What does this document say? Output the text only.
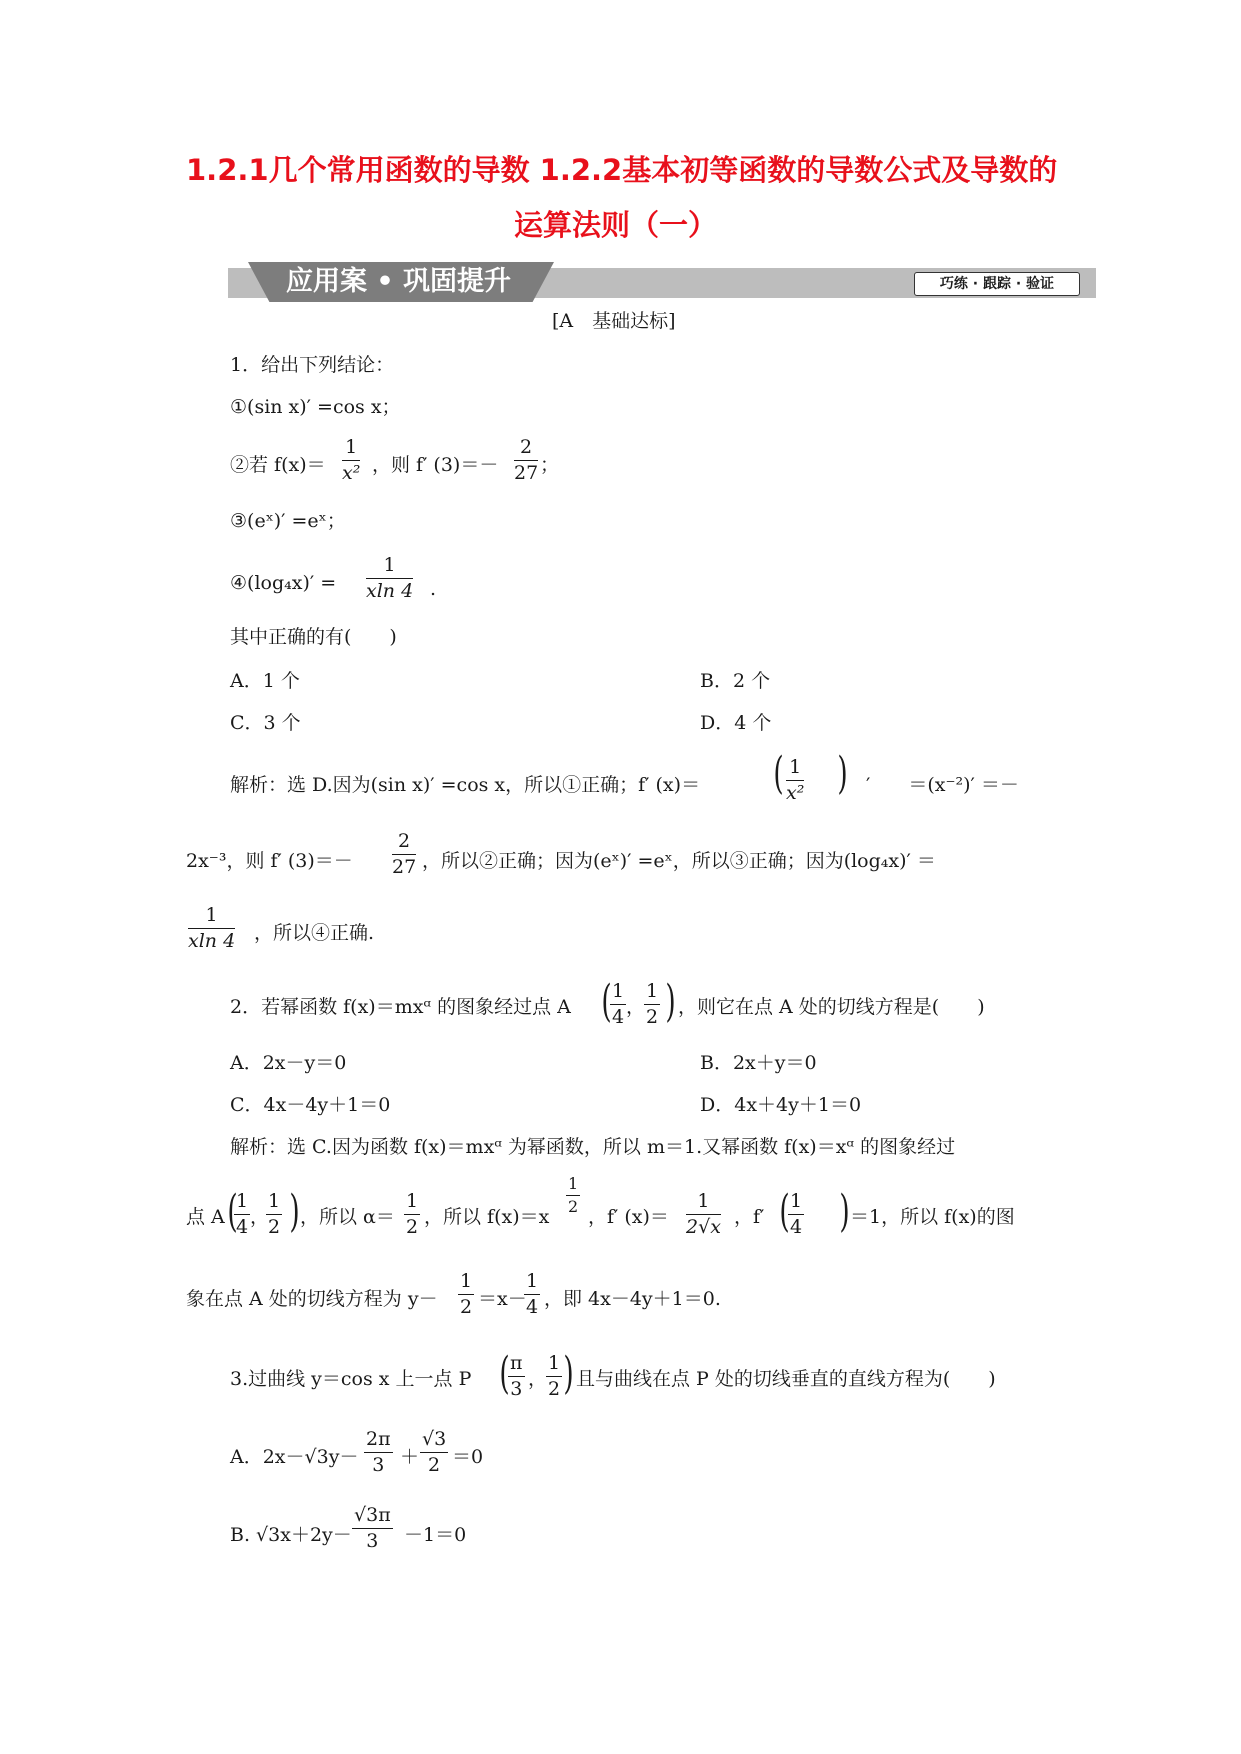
1.2.1几个常用函数的导数 1.2.2基本初等函数的导数公式及导数的
运算法则（一）
应用案 • 巩固提升	巧练 · 跟踪 · 验证
[A　基础达标]
1．给出下列结论：
①(sin x)′ =cos x；
②若 $f(x)= \frac{1}{\text{x²}}$ ，则 f′ $(3)=- \frac{2}{27}$ ；
③(eˣ)′ =eˣ；
④(log₄x)′ = $\frac{1}{xln 4}$ .
其中正确的有(　　)
A．1 个	B．2 个
C．3 个	D．4 个
解析：选 D.因为(sin x)′ =cos x，所以①正确；f′ (x)＝ ( $\frac{1}{\text{x²}}$ ) ′　　＝(x⁻²)′ ＝－
2x⁻³，则 f′ $(3)=- \frac{2}{27}$ ，所以②正确；因为(eˣ)′ =eˣ，所以③正确；因为(log₄x)′ ＝
$\frac{1}{xln 4}$ ，所以④正确.
2．若幂函数 f(x)＝mxᵅ 的图象经过点 A (
$\frac{1}{4}$ ，
$\frac{1}{2}$ ) ，则它在点 A 处的切线方程是(　　)
A．2x－y＝0	B．2x＋y＝0
C．4x－4y＋1＝0	D．4x＋4y＋1＝0
解析：选 C.因为函数 f(x)＝mxᵅ 为幂函数，所以 m＝1.又幂函数 f(x)＝xᵅ 的图象经过
点 A (
$\frac{1}{4}$ ，
$\frac{1}{2}$ ) ，所以 $\alpha= \frac{1}{2}$ ，所以 f(x)＝x
$\frac{1}{2}$
，f′ $(x)= \frac{1}{2√x}$ ，f′ (
$\frac{1}{4}$ ) ＝1，所以 f(x)的图
象在点 A 处的切线方程为 $y- \frac{1}{2} =x-$
$\frac{1}{4}$ ，即 4x－4y＋1＝0.
3.过曲线 y＝cos x 上一点 P (
$\frac{\pi}{3}$ ，
$\frac{1}{2}$ ) 且与曲线在点 P 处的切线垂直的直线方程为(　　)
A．$2x-√3y- \frac{2\pi}{3} + \frac{√3}{2} =0$
B. $√3x+2y- \frac{√3\pi}{3} -1=0$
